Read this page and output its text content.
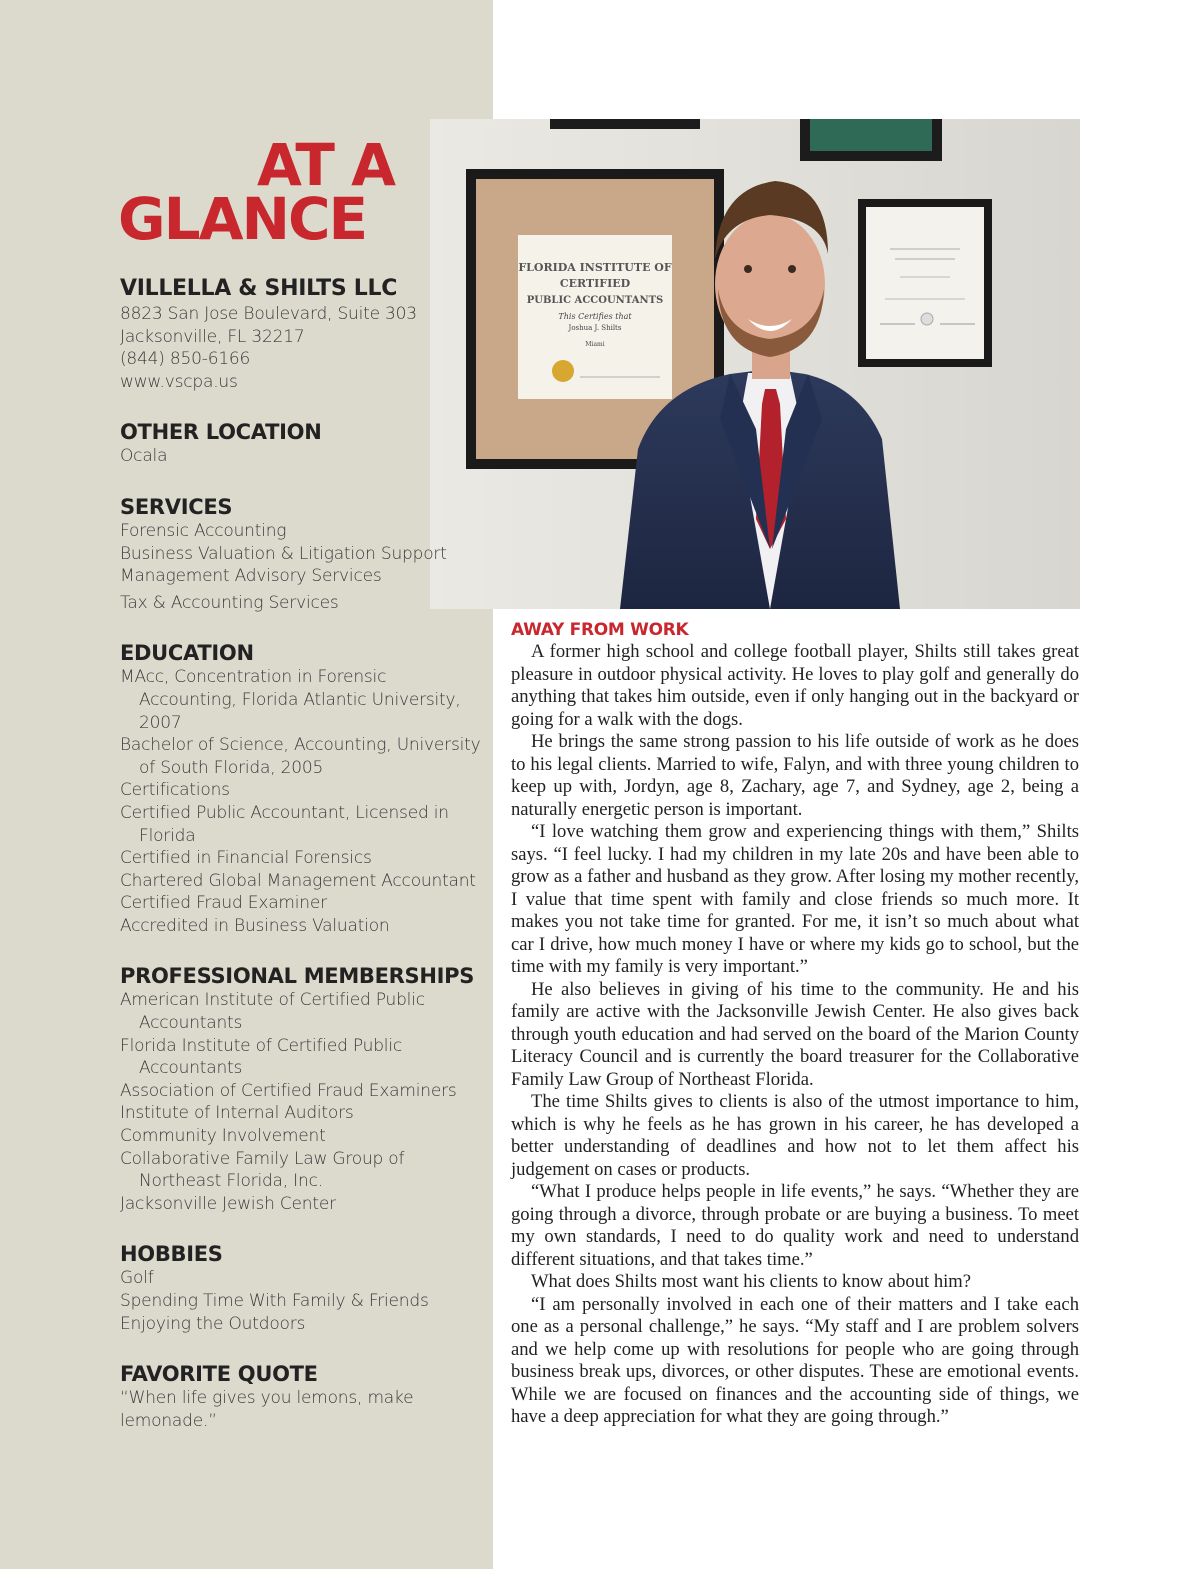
AT A
GLANCE
FLORIDA INSTITUTE OF
CERTIFIED
PUBLIC ACCOUNTANTS
This Certifies that
Joshua J. Shilts
Miami
VILLELLA & SHILTS LLC
8823 San Jose Boulevard, Suite 303
Jacksonville, FL 32217
(844) 850-6166
www.vscpa.us
OTHER LOCATION
Ocala
SERVICES
Forensic Accounting
Business Valuation & Litigation Support
Management Advisory Services
Tax & Accounting Services
EDUCATION
MAcc, Concentration in Forensic Accounting, Florida Atlantic University, 2007
Bachelor of Science, Accounting, University of South Florida, 2005
Certifications
Certified Public Accountant, Licensed in Florida
Certified in Financial Forensics
Chartered Global Management Accountant
Certified Fraud Examiner
Accredited in Business Valuation
PROFESSIONAL MEMBERSHIPS
American Institute of Certified Public Accountants
Florida Institute of Certified Public Accountants
Association of Certified Fraud Examiners
Institute of Internal Auditors
Community Involvement
Collaborative Family Law Group of Northeast Florida, Inc.
Jacksonville Jewish Center
HOBBIES
Golf
Spending Time With Family & Friends
Enjoying the Outdoors
FAVORITE QUOTE
“When life gives you lemons, make lemonade.”
AWAY FROM WORK

A former high school and college football player, Shilts still takes great pleasure in outdoor physical activity. He loves to play golf and generally do anything that takes him outside, even if only hanging out in the backyard or going for a walk with the dogs.

He brings the same strong passion to his life outside of work as he does to his legal clients. Married to wife, Falyn, and with three young children to keep up with, Jordyn, age 8, Zachary, age 7, and Sydney, age 2, being a naturally energetic person is important.

“I love watching them grow and experiencing things with them,” Shilts says. “I feel lucky. I had my children in my late 20s and have been able to grow as a father and husband as they grow. After losing my mother recently, I value that time spent with family and close friends so much more. It makes you not take time for granted. For me, it isn’t so much about what car I drive, how much money I have or where my kids go to school, but the time with my family is very important.”

He also believes in giving of his time to the community. He and his family are active with the Jacksonville Jewish Center. He also gives back through youth education and had served on the board of the Marion County Literacy Council and is currently the board treasurer for the Collaborative Family Law Group of Northeast Florida.

The time Shilts gives to clients is also of the utmost importance to him, which is why he feels as he has grown in his career, he has developed a better understanding of deadlines and how not to let them affect his judgement on cases or products.

“What I produce helps people in life events,” he says. “Whether they are going through a divorce, through probate or are buying a business. To meet my own standards, I need to do quality work and need to understand different situations, and that takes time.”

What does Shilts most want his clients to know about him?

“I am personally involved in each one of their matters and I take each one as a personal challenge,” he says. “My staff and I are problem solvers and we help come up with resolutions for people who are going through business break ups, divorces, or other disputes. These are emotional events. While we are focused on finances and the accounting side of things, we have a deep appreciation for what they are going through.”
